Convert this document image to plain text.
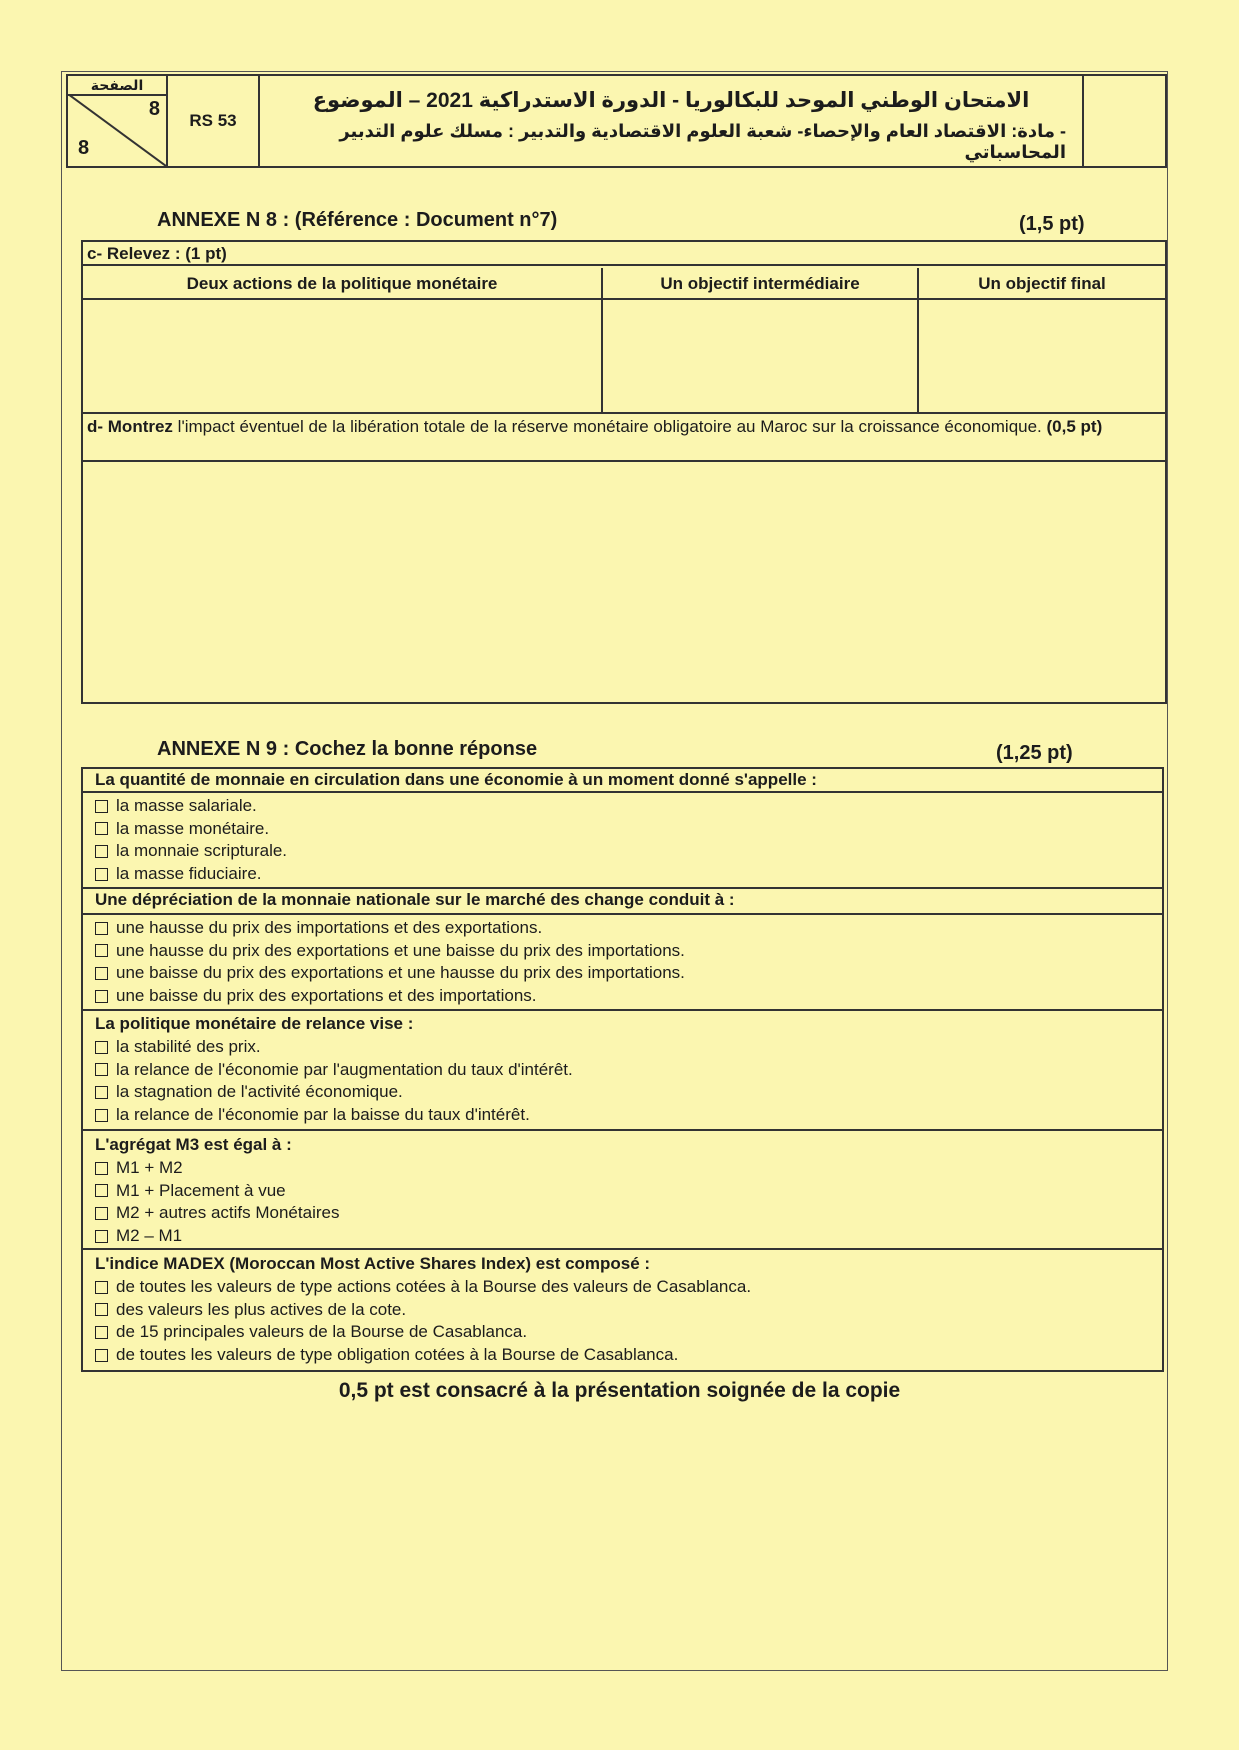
الصفحة
8
8
RS 53
الامتحان الوطني الموحد للبكالوريا - الدورة الاستدراكية 2021 – الموضوع
- مادة: الاقتصاد العام والإحصاء- شعبة العلوم الاقتصادية والتدبير : مسلك علوم التدبير المحاسباتي
ANNEXE N 8 : (Référence : Document n°7)	(1,5 pt)
c- Relevez : (1 pt)
Deux actions de la politique monétaire	Un objectif intermédiaire	Un objectif final
d- Montrez l'impact éventuel de la libération totale de la réserve monétaire obligatoire au Maroc sur la croissance économique. (0,5 pt)
ANNEXE N 9 : Cochez la bonne réponse	(1,25 pt)
La quantité de monnaie en circulation dans une économie à un moment donné s'appelle :
la masse salariale.
la masse monétaire.
la monnaie scripturale.
la masse fiduciaire.
Une dépréciation de la monnaie nationale sur le marché des change conduit à :
une hausse du prix des importations et des exportations.
une hausse du prix des exportations et une baisse du prix des importations.
une baisse du prix des exportations et une hausse du prix des importations.
une baisse du prix des exportations et des importations.
La politique monétaire de relance vise :
la stabilité des prix.
la relance de l'économie par l'augmentation du taux d'intérêt.
la stagnation de l'activité économique.
la relance de l'économie par la baisse du taux d'intérêt.
L'agrégat M3 est égal à :
M1 + M2
M1 + Placement à vue
M2 + autres actifs Monétaires
M2 – M1
L'indice MADEX (Moroccan Most Active Shares Index) est composé :
de toutes les valeurs de type actions cotées à la Bourse des valeurs de Casablanca.
des valeurs les plus actives de la cote.
de 15 principales valeurs de la Bourse de Casablanca.
de toutes les valeurs de type obligation cotées à la Bourse de Casablanca.
0,5 pt est consacré à la présentation soignée de la copie
